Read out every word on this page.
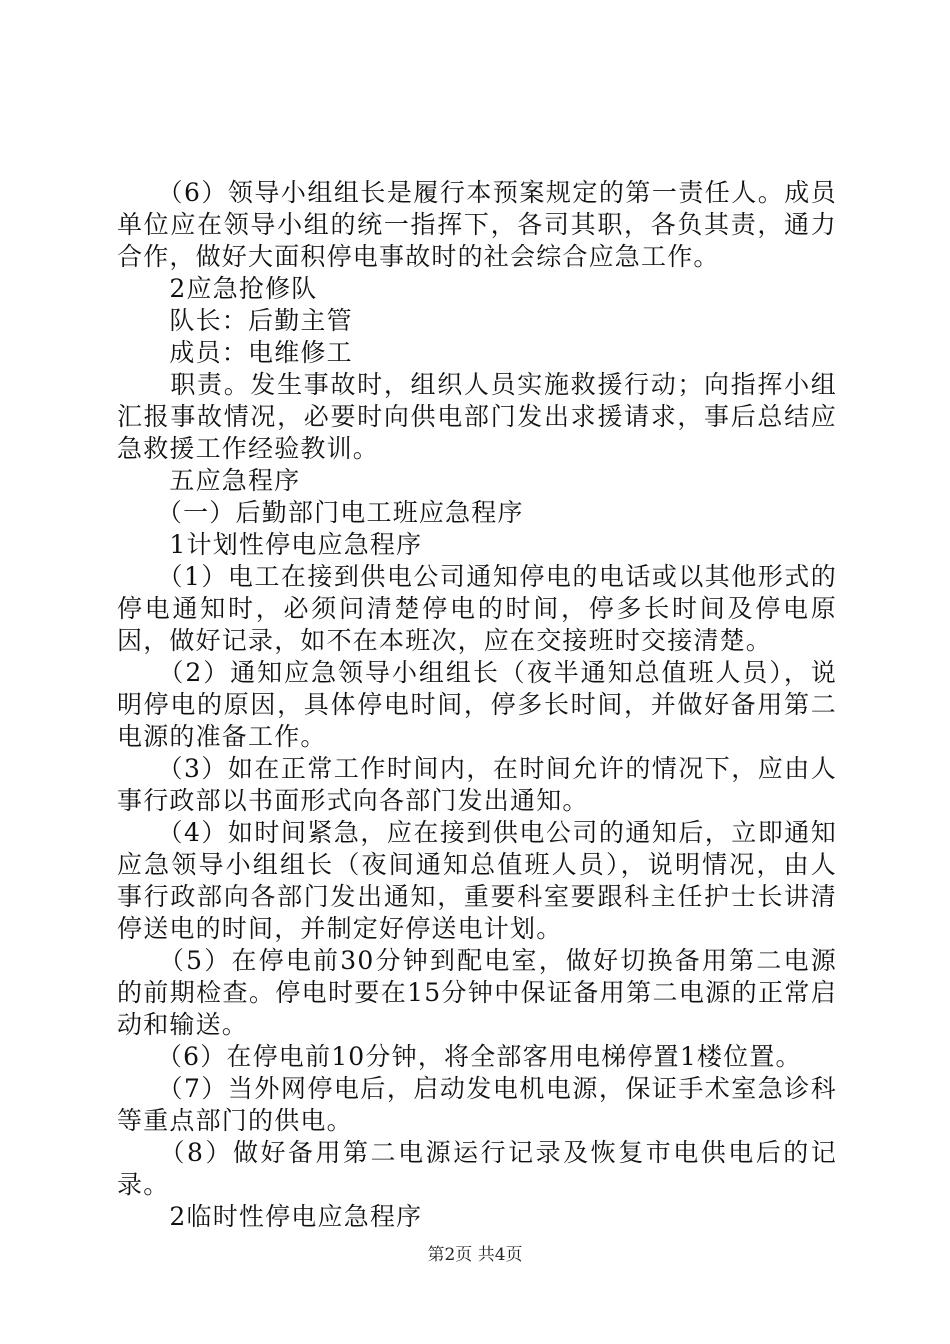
　　（6）领导小组组长是履行本预案规定的第一责任人。成员单位应在领导小组的统一指挥下，各司其职，各负其责，通力合作，做好大面积停电事故时的社会综合应急工作。

　　2应急抢修队

　　队长：后勤主管

　　成员：电维修工

　　职责。发生事故时，组织人员实施救援行动；向指挥小组汇报事故情况，必要时向供电部门发出求援请求，事后总结应急救援工作经验教训。

　　五应急程序

　　（一）后勤部门电工班应急程序

　　1计划性停电应急程序

　　（1）电工在接到供电公司通知停电的电话或以其他形式的停电通知时，必须问清楚停电的时间，停多长时间及停电原因，做好记录，如不在本班次，应在交接班时交接清楚。

　　（2）通知应急领导小组组长（夜半通知总值班人员），说明停电的原因，具体停电时间，停多长时间，并做好备用第二电源的准备工作。

　　（3）如在正常工作时间内，在时间允许的情况下，应由人事行政部以书面形式向各部门发出通知。

　　（4）如时间紧急，应在接到供电公司的通知后，立即通知应急领导小组组长（夜间通知总值班人员），说明情况，由人事行政部向各部门发出通知，重要科室要跟科主任护士长讲清停送电的时间，并制定好停送电计划。

　　（5）在停电前30分钟到配电室，做好切换备用第二电源的前期检查。停电时要在15分钟中保证备用第二电源的正常启动和输送。

　　（6）在停电前10分钟，将全部客用电梯停置1楼位置。

　　（7）当外网停电后，启动发电机电源，保证手术室急诊科等重点部门的供电。

　　（8）做好备用第二电源运行记录及恢复市电供电后的记录。

　　2临时性停电应急程序

第2页 共4页
